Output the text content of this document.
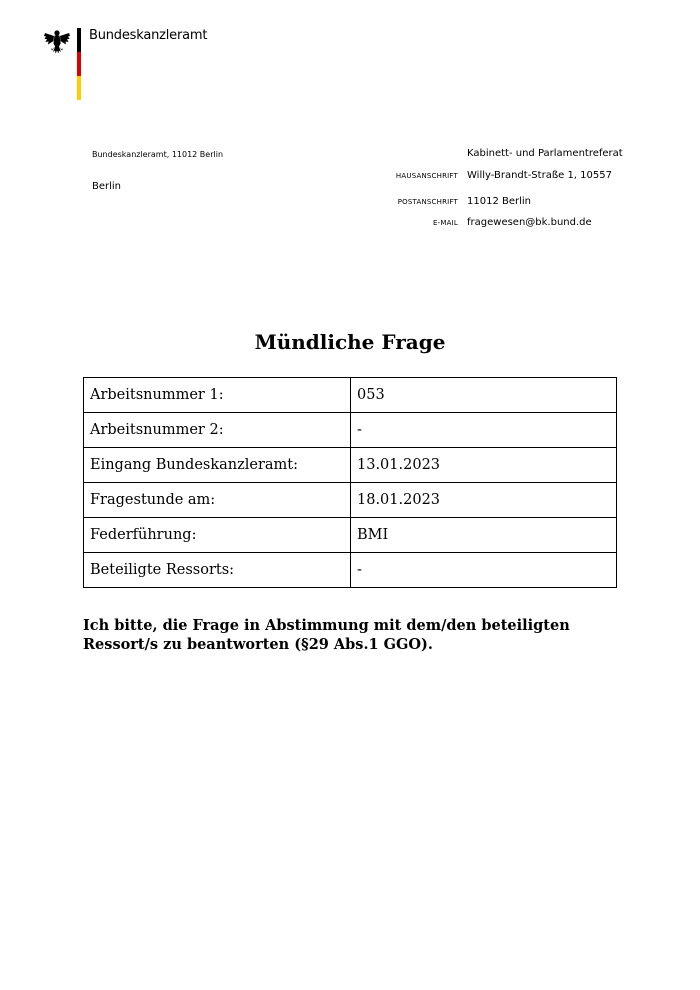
Bundeskanzleramt
Bundeskanzleramt, 11012 Berlin
Berlin
Kabinett- und Parlamentreferat
HAUSANSCHRIFT Willy-Brandt-Straße 1, 10557
POSTANSCHRIFT 11012 Berlin
E-MAIL fragewesen@bk.bund.de
Mündliche Frage
Arbeitsnummer 1:	053
Arbeitsnummer 2:	-
Eingang Bundeskanzleramt:	13.01.2023
Fragestunde am:	18.01.2023
Federführung:	BMI
Beteiligte Ressorts:	-
Ich bitte, die Frage in Abstimmung mit dem/den beteiligten
Ressort/s zu beantworten (§29 Abs.1 GGO).
